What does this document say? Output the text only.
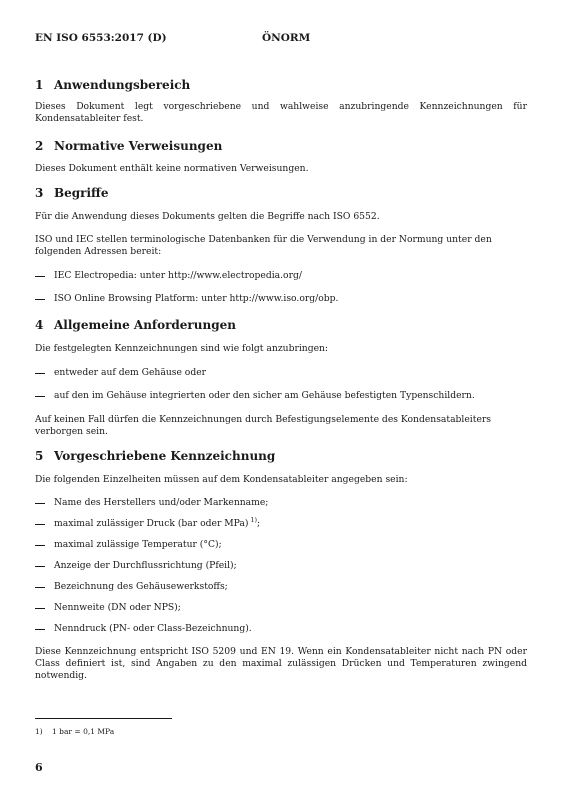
EN ISO 6553:2017 (D)	ÖNORM
1 Anwendungsbereich
Dieses Dokument legt vorgeschriebene und wahlweise anzubringende Kennzeichnungen für Kondensatableiter fest.
2 Normative Verweisungen
Dieses Dokument enthält keine normativen Verweisungen.
3 Begriffe
Für die Anwendung dieses Dokuments gelten die Begriffe nach ISO 6552.
ISO und IEC stellen terminologische Datenbanken für die Verwendung in der Normung unter den folgenden Adressen bereit:
IEC Electropedia: unter http://www.electropedia.org/
ISO Online Browsing Platform: unter http://www.iso.org/obp.
4 Allgemeine Anforderungen
Die festgelegten Kennzeichnungen sind wie folgt anzubringen:
entweder auf dem Gehäuse oder
auf den im Gehäuse integrierten oder den sicher am Gehäuse befestigten Typenschildern.
Auf keinen Fall dürfen die Kennzeichnungen durch Befestigungselemente des Kondensatableiters verborgen sein.
5 Vorgeschriebene Kennzeichnung
Die folgenden Einzelheiten müssen auf dem Kondensatableiter angegeben sein:
Name des Herstellers und/oder Markenname;
maximal zulässiger Druck (bar oder MPa)  $^{1)}$;
maximal zulässige Temperatur (°C);
Anzeige der Durchflussrichtung (Pfeil);
Bezeichnung des Gehäusewerkstoffs;
Nennweite (DN oder NPS);
Nenndruck (PN- oder Class-Bezeichnung).
Diese Kennzeichnung entspricht ISO 5209 und EN 19. Wenn ein Kondensatableiter nicht nach PN oder Class definiert ist, sind Angaben zu den maximal zulässigen Drücken und Temperaturen zwingend notwendig.
1) 1 bar = 0,1 MPa
6
